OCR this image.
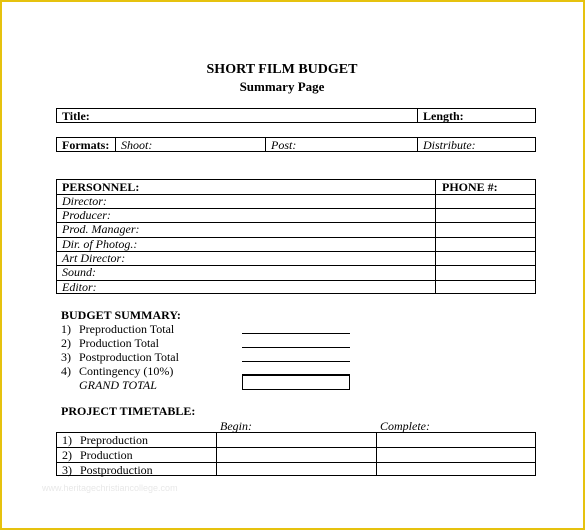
SHORT FILM BUDGET
Summary Page
Title:	Length:
Formats: Shoot:	Post:	Distribute:
PERSONNEL:	PHONE #:
Director:
Producer:
Prod. Manager:
Dir. of Photog.:
Art Director:
Sound:
Editor:
BUDGET SUMMARY:
1) Preproduction Total
2) Production Total
3) Postproduction Total
4) Contingency (10%)
GRAND TOTAL
PROJECT TIMETABLE:
Begin:	Complete:
1) Preproduction
2) Production
3) Postproduction
www.heritagechristiancollege.com
